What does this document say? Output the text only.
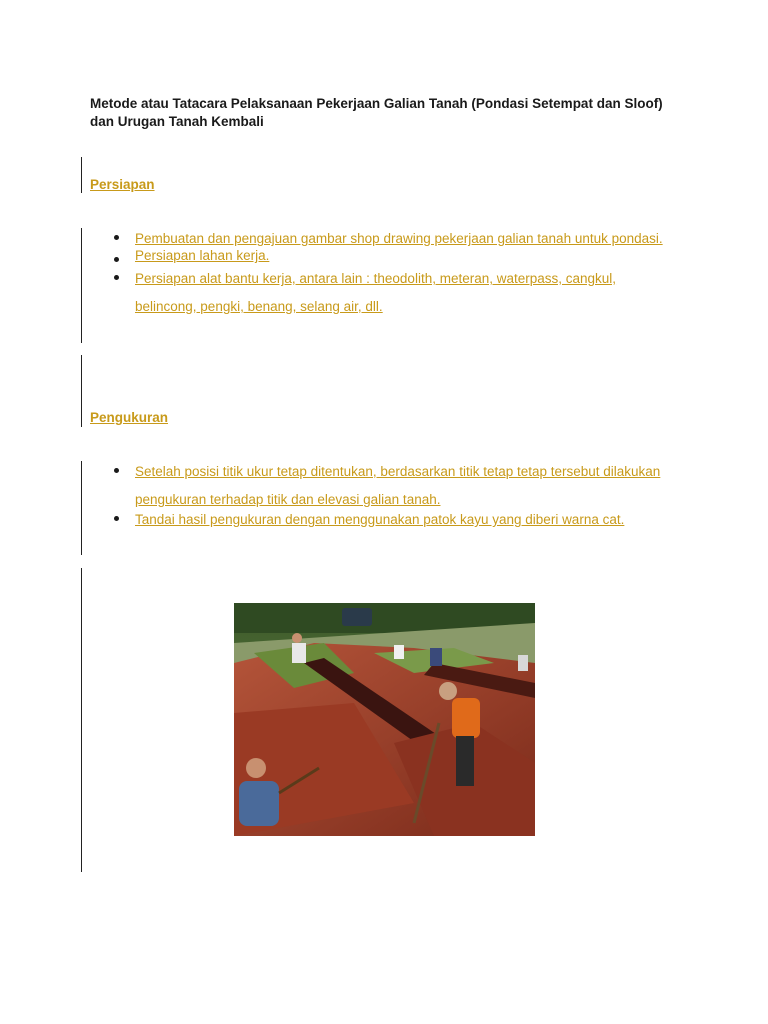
Metode atau Tatacara Pelaksanaan Pekerjaan Galian Tanah (Pondasi Setempat dan Sloof) dan Urugan Tanah Kembali
Persiapan
Pembuatan dan pengajuan gambar shop drawing pekerjaan galian tanah untuk pondasi.
Persiapan lahan kerja.
Persiapan alat bantu kerja, antara lain : theodolith, meteran, waterpass, cangkul, belincong, pengki, benang, selang air, dll.
Pengukuran
Setelah posisi titik ukur tetap ditentukan, berdasarkan titik tetap tetap tersebut dilakukan pengukuran terhadap titik dan elevasi galian tanah.
Tandai hasil pengukuran dengan menggunakan patok kayu yang diberi warna cat.
